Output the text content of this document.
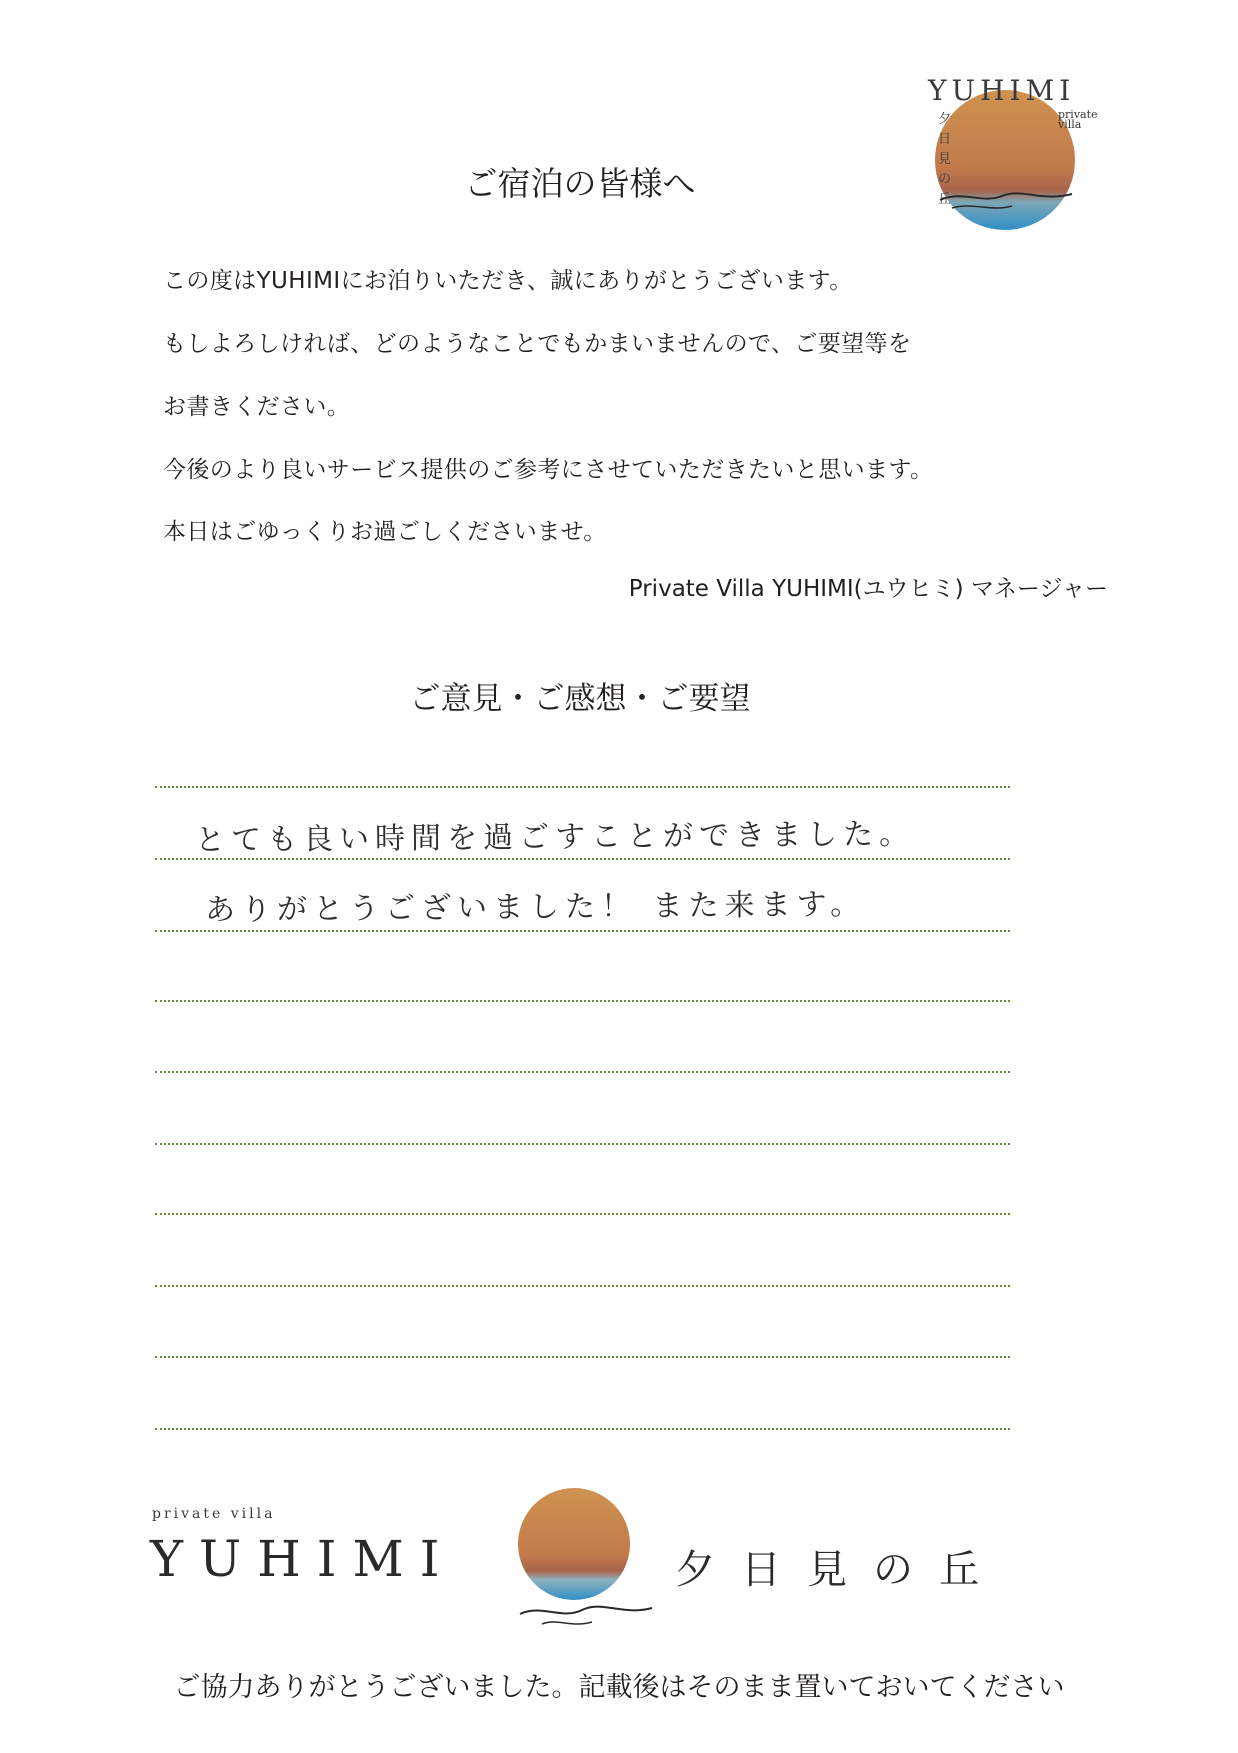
YUHIMI
夕日見の丘
private villa
ご宿泊の皆様へ
この度はYUHIMIにお泊りいただき、誠にありがとうございます。
もしよろしければ、どのようなことでもかまいませんので、ご要望等を
お書きください。
今後のより良いサービス提供のご参考にさせていただきたいと思います。
本日はごゆっくりお過ごしくださいませ。
Private Villa YUHIMI(ユウヒミ) マネージャー
ご意見・ご感想・ご要望
とても良い時間を過ごすことができました。
ありがとうございました！ また来ます。
private villa
YUHIMI	夕日見の丘
ご協力ありがとうございました。記載後はそのまま置いておいてください
